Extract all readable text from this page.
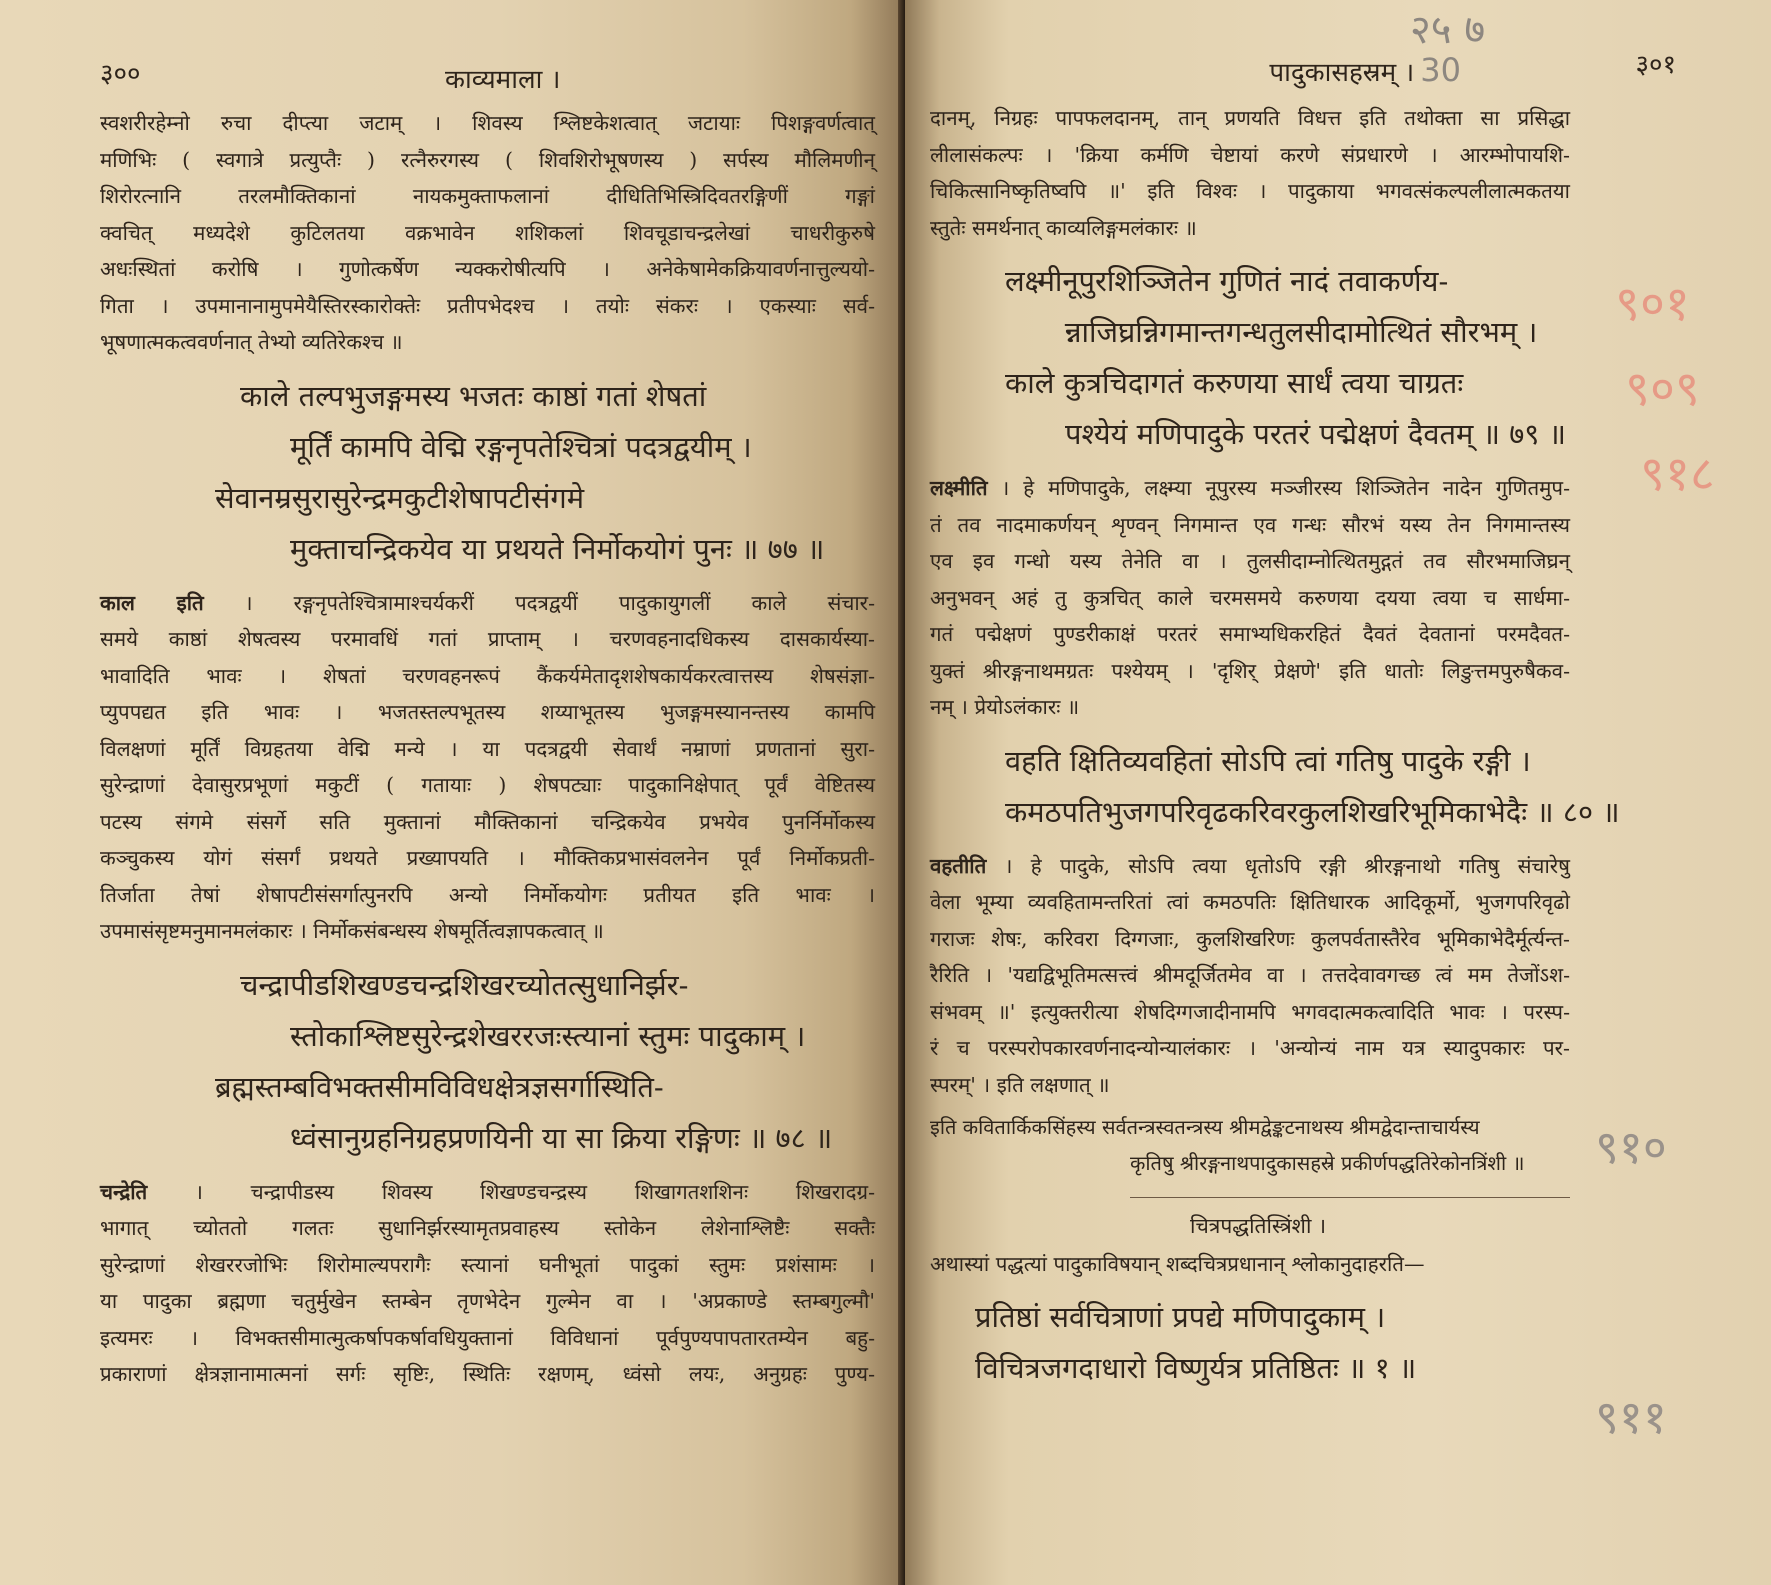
३००	काव्यमाला ।
स्वशरीरहेम्नो रुचा दीप्त्या जटाम् । शिवस्य श्लिष्टकेशत्वात् जटायाः पिशङ्गवर्णत्वात्
मणिभिः ( स्वगात्रे प्रत्युप्तैः ) रत्नैरुरगस्य ( शिवशिरोभूषणस्य ) सर्पस्य मौलिमणीन्
शिरोरत्नानि तरलमौक्तिकानां नायकमुक्ताफलानां दीधितिभिस्त्रिदिवतरङ्गिणीं गङ्गां
क्वचित् मध्यदेशे कुटिलतया वक्रभावेन शशिकलां शिवचूडाचन्द्रलेखां चाधरीकुरुषे
अधःस्थितां करोषि । गुणोत्कर्षेण न्यक्करोषीत्यपि । अनेकेषामेकक्रियावर्णनात्तुल्ययो-
गिता । उपमानानामुपमेयैस्तिरस्कारोक्तेः प्रतीपभेदश्च । तयोः संकरः । एकस्याः सर्व-
भूषणात्मकत्ववर्णनात् तेभ्यो व्यतिरेकश्च ॥
काले तल्पभुजङ्गमस्य भजतः काष्ठां गतां शेषतां
मूर्तिं कामपि वेद्मि रङ्गनृपतेश्चित्रां पदत्रद्वयीम् ।
सेवानम्रसुरासुरेन्द्रमकुटीशेषापटीसंगमे
मुक्ताचन्द्रिकयेव या प्रथयते निर्मोकयोगं पुनः ॥ ७७ ॥
काल इति । रङ्गनृपतेश्चित्रामाश्चर्यकरीं पदत्रद्वयीं पादुकायुगलीं काले संचार-
समये काष्ठां शेषत्वस्य परमावधिं गतां प्राप्ताम् । चरणवहनादधिकस्य दासकार्यस्या-
भावादिति भावः । शेषतां चरणवहनरूपं कैंकर्यमेतादृशशेषकार्यकरत्वात्तस्य शेषसंज्ञा-
प्युपपद्यत इति भावः । भजतस्तल्पभूतस्य शय्याभूतस्य भुजङ्गमस्यानन्तस्य कामपि
विलक्षणां मूर्तिं विग्रहतया वेद्मि मन्ये । या पदत्रद्वयी सेवार्थं नम्राणां प्रणतानां सुरा-
सुरेन्द्राणां देवासुरप्रभूणां मकुटीं ( गतायाः ) शेषपट्याः पादुकानिक्षेपात् पूर्वं वेष्टितस्य
पटस्य संगमे संसर्गे सति मुक्तानां मौक्तिकानां चन्द्रिकयेव प्रभयेव पुनर्निर्मोकस्य
कञ्चुकस्य योगं संसर्गं प्रथयते प्रख्यापयति । मौक्तिकप्रभासंवलनेन पूर्वं निर्मोकप्रती-
तिर्जाता तेषां शेषापटीसंसर्गात्पुनरपि अन्यो निर्मोकयोगः प्रतीयत इति भावः ।
उपमासंसृष्टमनुमानमलंकारः । निर्मोकसंबन्धस्य शेषमूर्तित्वज्ञापकत्वात् ॥
चन्द्रापीडशिखण्डचन्द्रशिखरच्योतत्सुधानिर्झर-
स्तोकाश्लिष्टसुरेन्द्रशेखररजःस्त्यानां स्तुमः पादुकाम् ।
ब्रह्मस्तम्बविभक्तसीमविविधक्षेत्रज्ञसर्गास्थिति-
ध्वंसानुग्रहनिग्रहप्रणयिनी या सा क्रिया रङ्गिणः ॥ ७८ ॥
चन्द्रेति । चन्द्रापीडस्य शिवस्य शिखण्डचन्द्रस्य शिखागतशशिनः शिखरादग्र-
भागात् च्योततो गलतः सुधानिर्झरस्यामृतप्रवाहस्य स्तोकेन लेशेनाश्लिष्टैः सक्तैः
सुरेन्द्राणां शेखररजोभिः शिरोमाल्यपरागैः स्त्यानां घनीभूतां पादुकां स्तुमः प्रशंसामः ।
या पादुका ब्रह्मणा चतुर्मुखेन स्तम्बेन तृणभेदेन गुल्मेन वा । 'अप्रकाण्डे स्तम्बगुल्मौ'
इत्यमरः । विभक्तसीमात्मुत्कर्षापकर्षावधियुक्तानां विविधानां पूर्वपुण्यपापतारतम्येन बहु-
प्रकाराणां क्षेत्रज्ञानामात्मनां सर्गः सृष्टिः, स्थितिः रक्षणम्, ध्वंसो लयः, अनुग्रहः पुण्य-
२५ ७
पादुकासहस्रम् । 30	३०१
९०१
९०९
९१८
९१०
९११
दानम्, निग्रहः पापफलदानम्, तान् प्रणयति विधत्त इति तथोक्ता सा प्रसिद्धा
लीलासंकल्पः । 'क्रिया कर्मणि चेष्टायां करणे संप्रधारणे । आरम्भोपायशि-
चिकित्सानिष्कृतिष्वपि ॥' इति विश्वः । पादुकाया भगवत्संकल्पलीलात्मकतया
स्तुतेः समर्थनात् काव्यलिङ्गमलंकारः ॥
लक्ष्मीनूपुरशिञ्जितेन गुणितं नादं तवाकर्णय-
न्नाजिघ्रन्निगमान्तगन्धतुलसीदामोत्थितं सौरभम् ।
काले कुत्रचिदागतं करुणया सार्धं त्वया चाग्रतः
पश्येयं मणिपादुके परतरं पद्मेक्षणं दैवतम् ॥ ७९ ॥
लक्ष्मीति । हे मणिपादुके, लक्ष्म्या नूपुरस्य मञ्जीरस्य शिञ्जितेन नादेन गुणितमुप-
तं तव नादमाकर्णयन् शृण्वन् निगमान्त एव गन्धः सौरभं यस्य तेन निगमान्तस्य
एव इव गन्धो यस्य तेनेति वा । तुलसीदाम्नोत्थितमुद्गतं तव सौरभमाजिघ्रन्
अनुभवन् अहं तु कुत्रचित् काले चरमसमये करुणया दयया त्वया च सार्धमा-
गतं पद्मेक्षणं पुण्डरीकाक्षं परतरं समाभ्यधिकरहितं दैवतं देवतानां परमदैवत-
युक्तं श्रीरङ्गनाथमग्रतः पश्येयम् । 'दृशिर् प्रेक्षणे' इति धातोः लिङुत्तमपुरुषैकव-
नम् । प्रेयोऽलंकारः ॥
वहति क्षितिव्यवहितां सोऽपि त्वां गतिषु पादुके रङ्गी ।
कमठपतिभुजगपरिवृढकरिवरकुलशिखरिभूमिकाभेदैः ॥ ८० ॥
वहतीति । हे पादुके, सोऽपि त्वया धृतोऽपि रङ्गी श्रीरङ्गनाथो गतिषु संचारेषु
वेला भूम्या व्यवहितामन्तरितां त्वां कमठपतिः क्षितिधारक आदिकूर्मो, भुजगपरिवृढो
गराजः शेषः, करिवरा दिग्गजाः, कुलशिखरिणः कुलपर्वतास्तैरेव भूमिकाभेदैर्मूर्त्यन्त-
रैरिति । 'यद्यद्विभूतिमत्सत्त्वं श्रीमदूर्जितमेव वा । तत्तदेवावगच्छ त्वं मम तेजोंऽश-
संभवम् ॥' इत्युक्तरीत्या शेषदिग्गजादीनामपि भगवदात्मकत्वादिति भावः । परस्प-
रं च परस्परोपकारवर्णनादन्योन्यालंकारः । 'अन्योन्यं नाम यत्र स्यादुपकारः पर-
स्परम्' । इति लक्षणात् ॥
इति कवितार्किकसिंहस्य सर्वतन्त्रस्वतन्त्रस्य श्रीमद्वेङ्कटनाथस्य श्रीमद्वेदान्ताचार्यस्य
कृतिषु श्रीरङ्गनाथपादुकासहस्रे प्रकीर्णपद्धतिरेकोनत्रिंशी ॥
चित्रपद्धतिस्त्रिंशी ।
अथास्यां पद्धत्यां पादुकाविषयान् शब्दचित्रप्रधानान् श्लोकानुदाहरति—
प्रतिष्ठां सर्वचित्राणां प्रपद्ये मणिपादुकाम् ।
विचित्रजगदाधारो विष्णुर्यत्र प्रतिष्ठितः ॥ १ ॥
